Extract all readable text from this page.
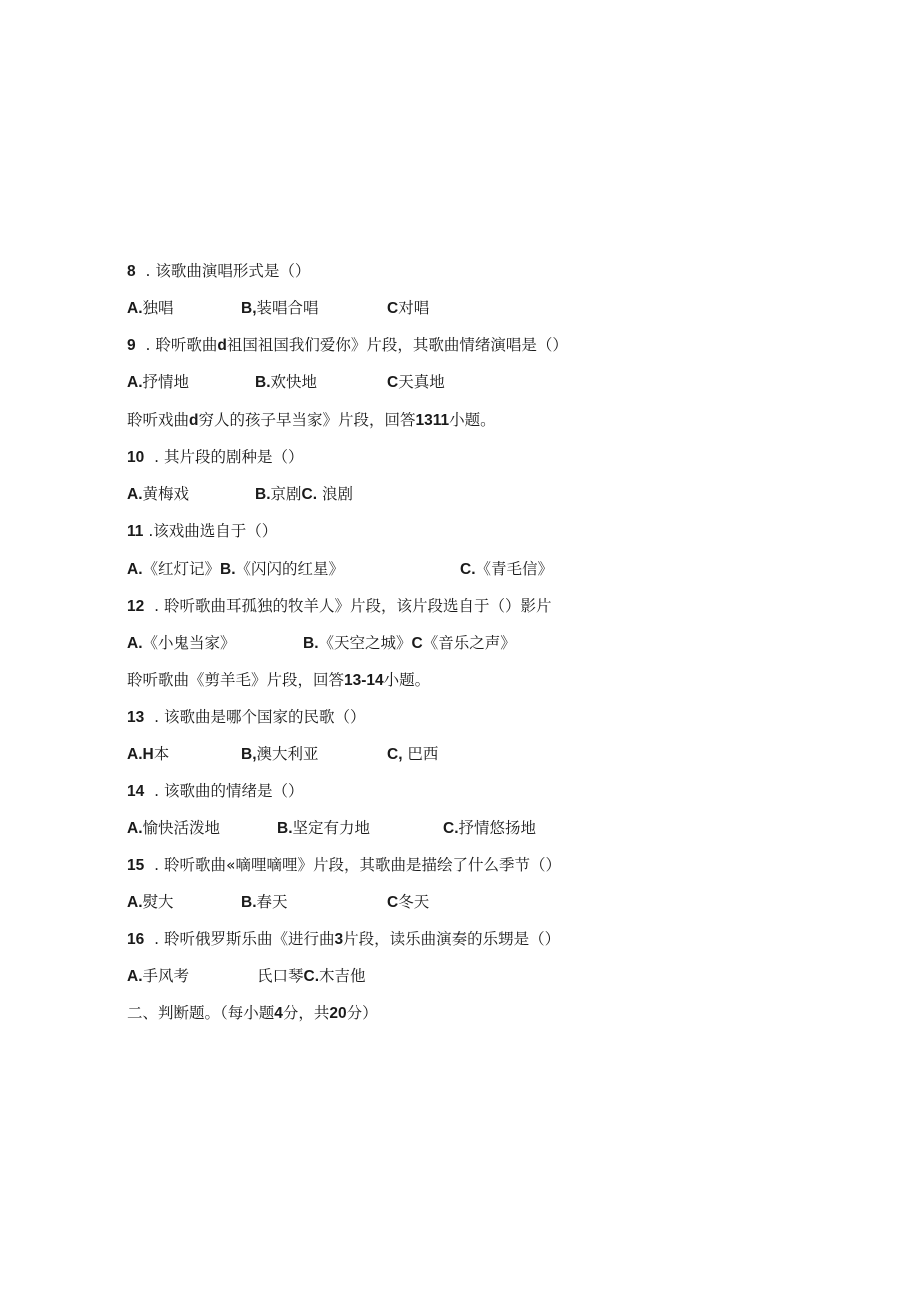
8 . 该歌曲演唱形式是（）
A.独唱	B,装唱合唱	C对唱
9 . 聆听歌曲d祖国祖国我们爱你》片段，其歌曲情绪演唱是（）
A.抒情地	B.欢快地	C天真地
聆听戏曲d穷人的孩子早当家》片段，回答1311小题。
10 . 其片段的剧种是（）
A.黄梅戏	B.京剧C. 浪剧
11 .该戏曲选自于（）
A.《红灯记》B.《闪闪的红星》	C.《青毛信》
12 . 聆听歌曲耳孤独的牧羊人》片段，该片段选自于（）影片
A.《小鬼当家》	B.《天空之城》C《音乐之声》
聆听歌曲《剪羊毛》片段，回答13-14小题。
13 . 该歌曲是哪个国家的民歌（）
A.H本	B,澳大利亚	C, 巴西
14 . 该歌曲的情绪是（）
A.愉快活泼地	B.坚定有力地	C.抒情悠扬地
15 . 聆听歌曲«嘀哩嘀哩》片段，其歌曲是描绘了什么季节（）
A.熨大	B.春天	C冬天
16 . 聆听俄罗斯乐曲《进行曲3片段，读乐曲演奏的乐甥是（）
A.手风考	氏口琴C.木吉他
二、判断题。（每小题4分，共20分）
